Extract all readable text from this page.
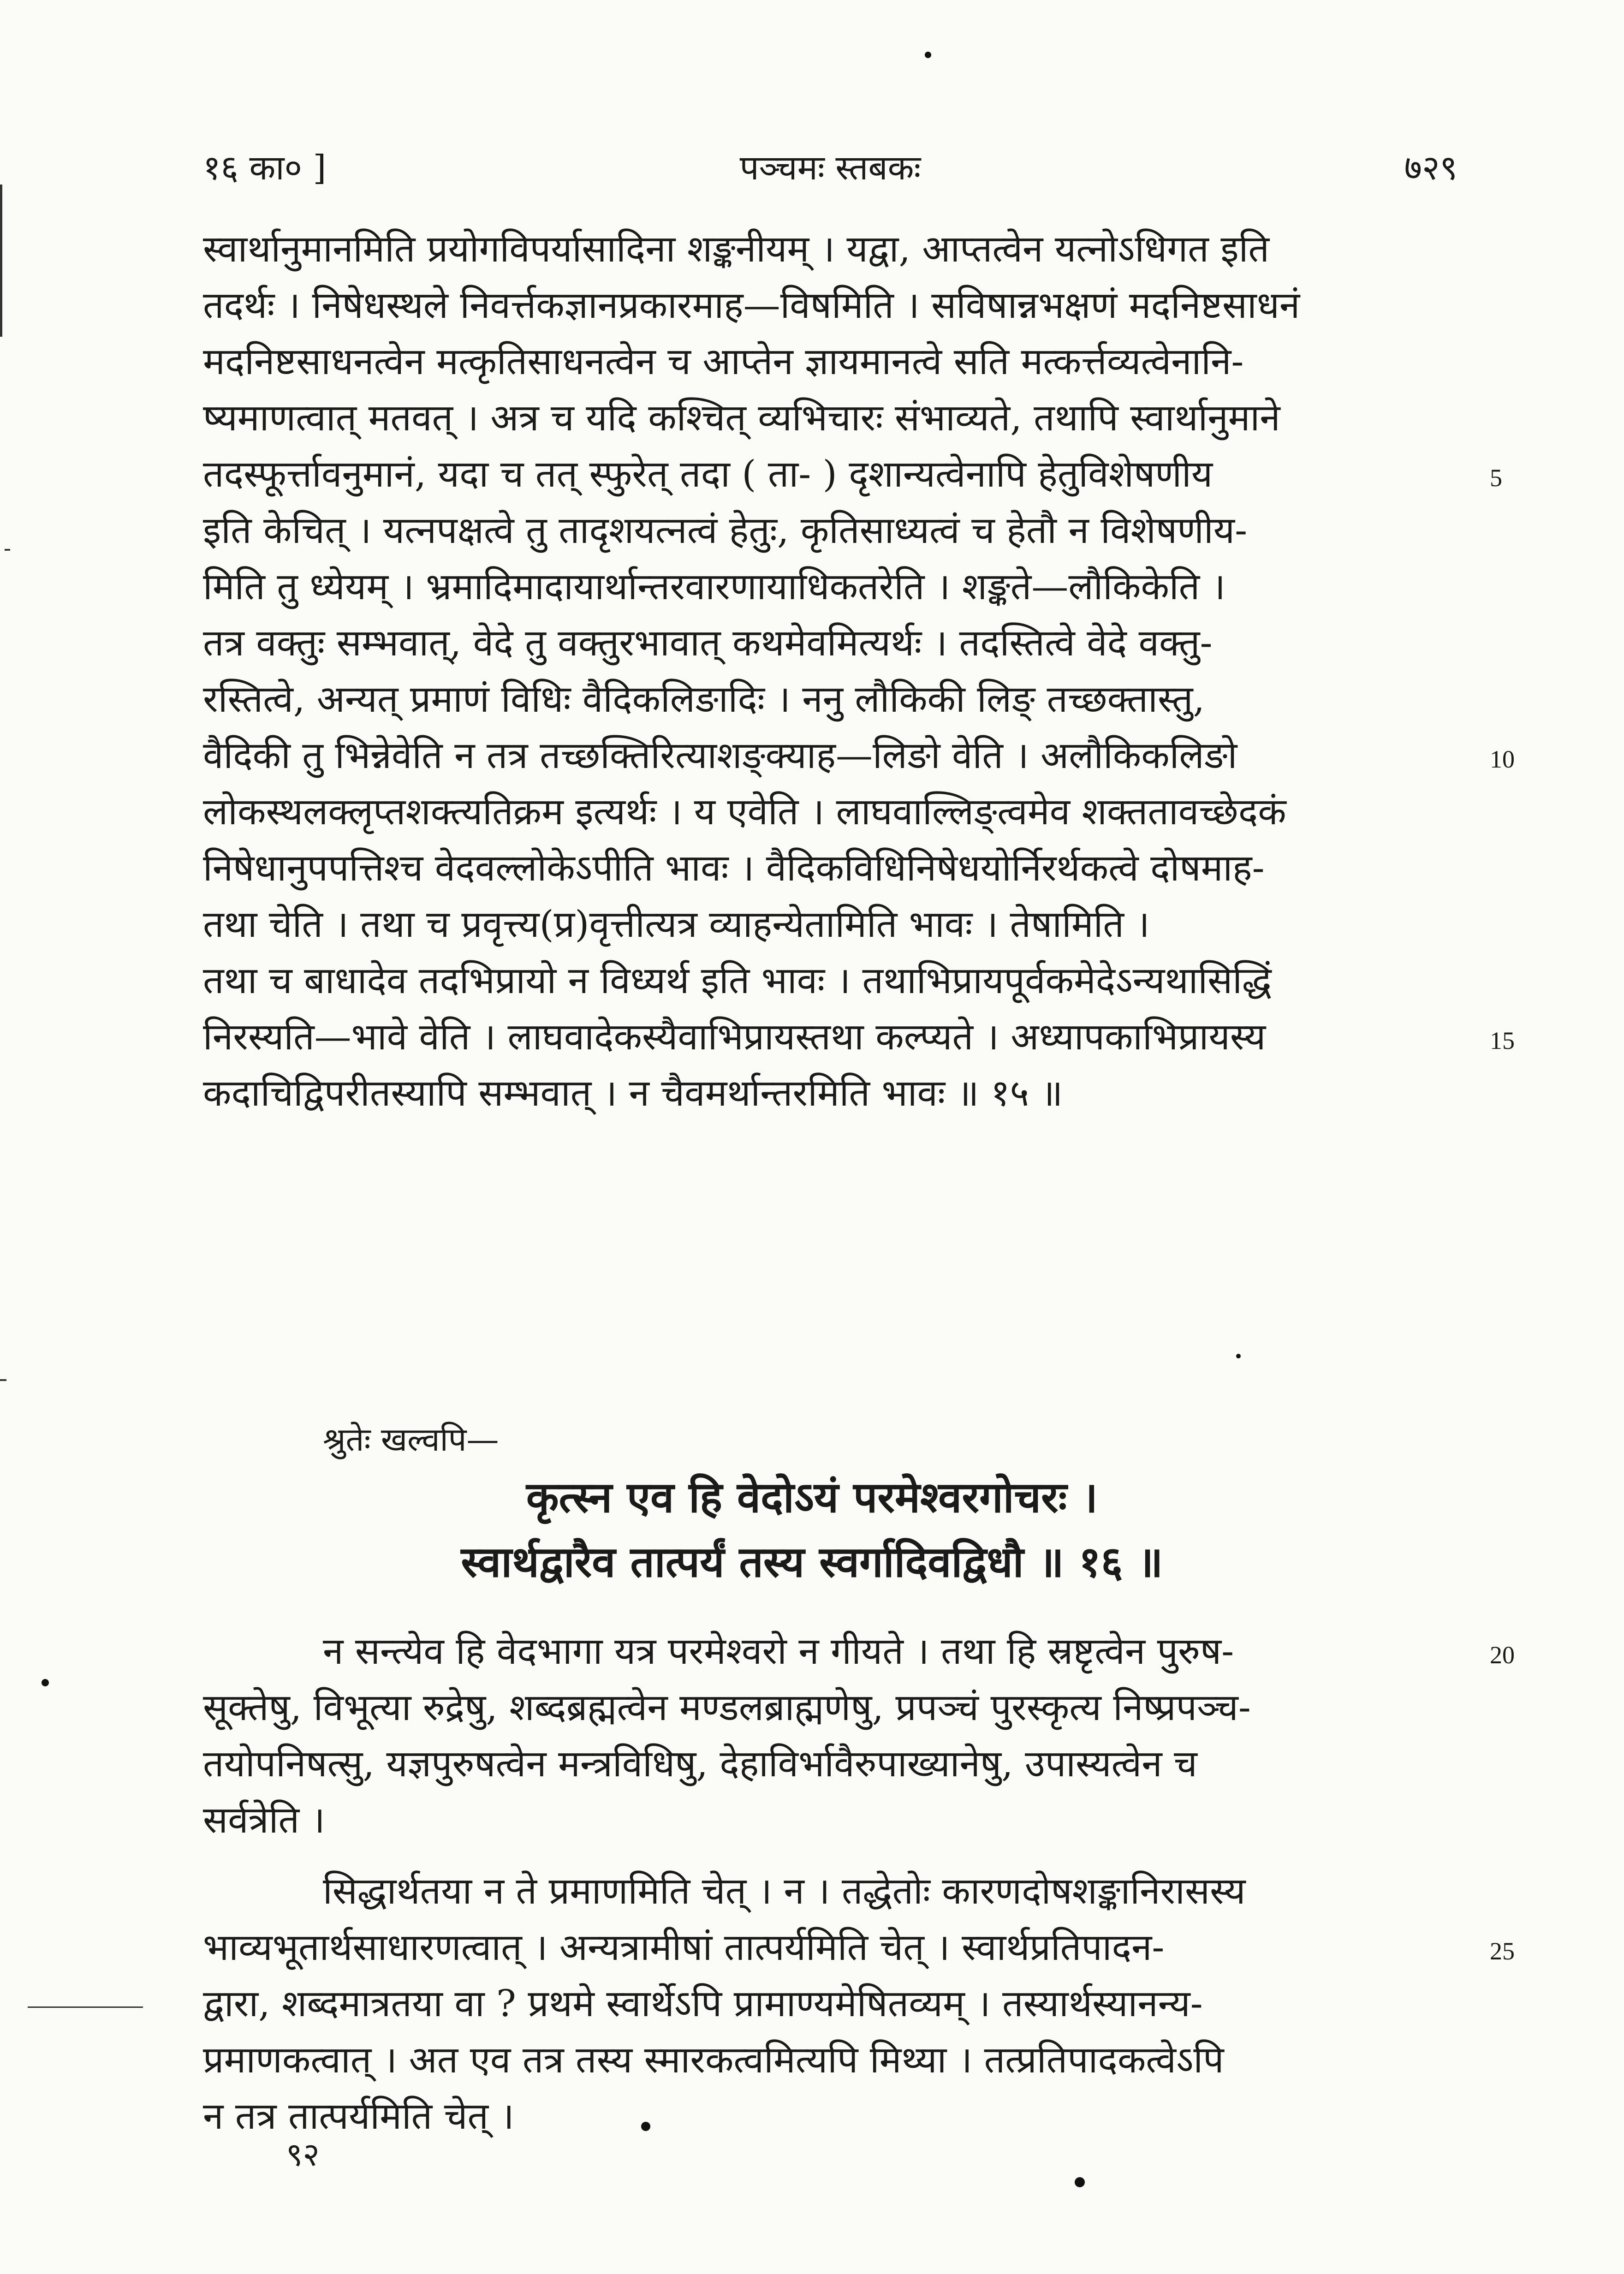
१६ का० ]	पञ्चमः स्तबकः	७२९
स्वार्थानुमानमिति प्रयोगविपर्यासादिना शङ्कनीयम् । यद्वा, आप्तत्वेन यत्नोऽधिगत इति
तदर्थः । निषेधस्थले निवर्त्तकज्ञानप्रकारमाह—विषमिति । सविषान्नभक्षणं मदनिष्टसाधनं
मदनिष्टसाधनत्वेन मत्कृतिसाधनत्वेन च आप्तेन ज्ञायमानत्वे सति मत्कर्त्तव्यत्वेनानि-
ष्यमाणत्वात् मतवत् । अत्र च यदि कश्चित् व्यभिचारः संभाव्यते, तथापि स्वार्थानुमाने
तदस्फूर्त्तावनुमानं, यदा च तत् स्फुरेत् तदा ( ता- ) दृशान्यत्वेनापि हेतुविशेषणीय
इति केचित् । यत्नपक्षत्वे तु तादृशयत्नत्वं हेतुः, कृतिसाध्यत्वं च हेतौ न विशेषणीय-
मिति तु ध्येयम् । भ्रमादिमादायार्थान्तरवारणायाधिकतरेति । शङ्कते—लौकिकेति ।
तत्र वक्तुः सम्भवात्, वेदे तु वक्तुरभावात् कथमेवमित्यर्थः । तदस्तित्वे वेदे वक्तु-
रस्तित्वे, अन्यत् प्रमाणं विधिः वैदिकलिङादिः । ननु लौकिकी लिङ् तच्छक्तास्तु,
वैदिकी तु भिन्नेवेति न तत्र तच्छक्तिरित्याशङ्क्याह—लिङो वेति । अलौकिकलिङो
लोकस्थलक्लृप्तशक्त्यतिक्रम इत्यर्थः । य एवेति । लाघवाल्लिङ्त्वमेव शक्ततावच्छेदकं
निषेधानुपपत्तिश्च वेदवल्लोकेऽपीति भावः । वैदिकविधिनिषेधयोर्निरर्थकत्वे दोषमाह-
तथा चेति । तथा च प्रवृत्त्य(प्र)वृत्तीत्यत्र व्याहन्येतामिति भावः । तेषामिति ।
तथा च बाधादेव तदभिप्रायो न विध्यर्थ इति भावः । तथाभिप्रायपूर्वकमेदेऽन्यथासिद्धिं
निरस्यति—भावे वेति । लाघवादेकस्यैवाभिप्रायस्तथा कल्प्यते । अध्यापकाभिप्रायस्य
कदाचिद्विपरीतस्यापि सम्भवात् । न चैवमर्थान्तरमिति भावः ॥ १५ ॥
5
10
15
श्रुतेः खल्वपि—
कृत्स्न एव हि वेदोऽयं परमेश्वरगोचरः ।
स्वार्थद्वारैव तात्पर्यं तस्य स्वर्गादिवद्विधौ ॥ १६ ॥
न सन्त्येव हि वेदभागा यत्र परमेश्वरो न गीयते । तथा हि स्रष्टृत्वेन पुरुष-
सूक्तेषु, विभूत्या रुद्रेषु, शब्दब्रह्मत्वेन मण्डलब्राह्मणेषु, प्रपञ्चं पुरस्कृत्य निष्प्रपञ्च-
तयोपनिषत्सु, यज्ञपुरुषत्वेन मन्त्रविधिषु, देहाविर्भावैरुपाख्यानेषु, उपास्यत्वेन च
सर्वत्रेति ।
20
सिद्धार्थतया न ते प्रमाणमिति चेत् । न । तद्धेतोः कारणदोषशङ्कानिरासस्य
भाव्यभूतार्थसाधारणत्वात् । अन्यत्रामीषां तात्पर्यमिति चेत् । स्वार्थप्रतिपादन-
द्वारा, शब्दमात्रतया वा ? प्रथमे स्वार्थेऽपि प्रामाण्यमेषितव्यम् । तस्यार्थस्यानन्य-
प्रमाणकत्वात् । अत एव तत्र तस्य स्मारकत्वमित्यपि मिथ्या । तत्प्रतिपादकत्वेऽपि
न तत्र तात्पर्यमिति चेत् ।
25
९२
